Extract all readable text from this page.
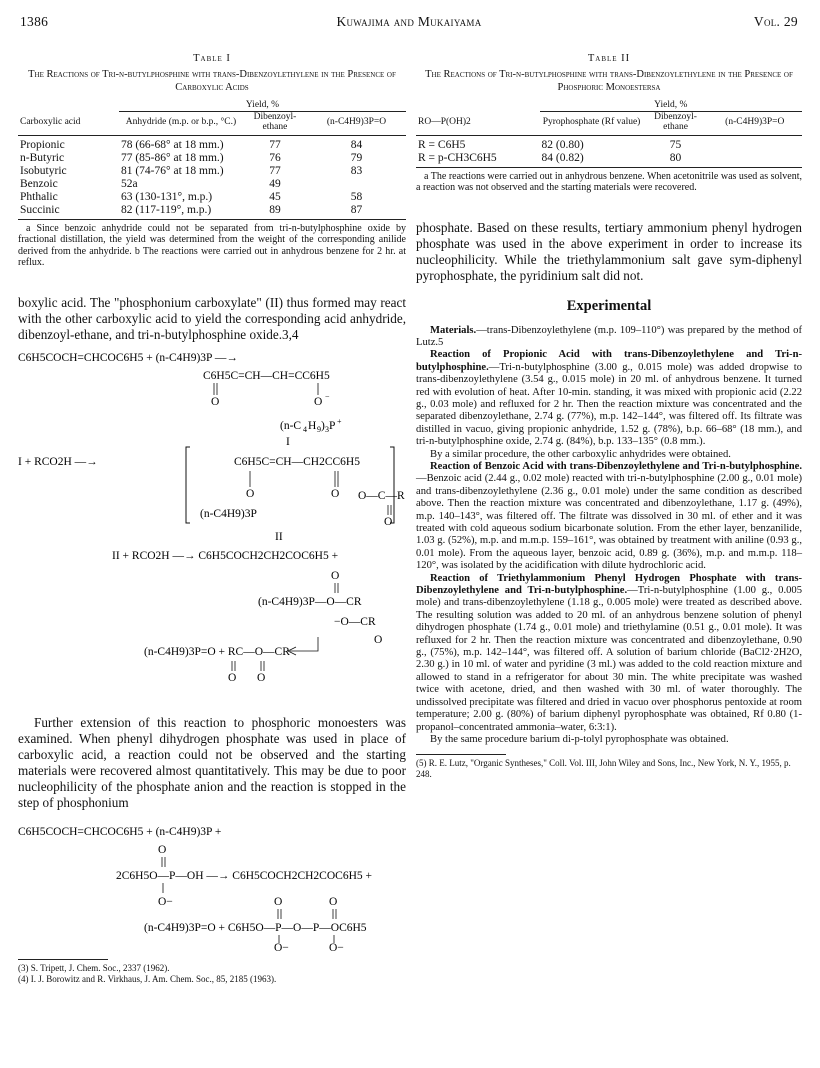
1386	Kuwajima and Mukaiyama	Vol. 29
Table I
The Reactions of Tri-n-butylphosphine with trans-Dibenzoylethylene in the Presence of Carboxylic Acids
	Yield, %		
Carboxylic acid	Anhydride (m.p. or b.p., °C.)	Dibenzoyl-ethane	(n-C4H9)3P=O
Propionic	78 (66-68° at 18 mm.)	77	84
n-Butyric	77 (85-86° at 18 mm.)	76	79
Isobutyric	81 (74-76° at 18 mm.)	77	83
Benzoic	52a	49	
Phthalic	63 (130-131°, m.p.)	45	58
Succinic	82 (117-119°, m.p.)	89	87
a Since benzoic anhydride could not be separated from tri-n-butylphosphine oxide by fractional distillation, the yield was determined from the weight of the corresponding anilide derived from the anhydride. b The reactions were carried out in anhydrous benzene for 2 hr. at reflux.

boxylic acid. The "phosphonium carboxylate" (II) thus formed may react with the other carboxylic acid to yield the corresponding acid anhydride, dibenzoyl-ethane, and tri-n-butylphosphine oxide.3,4

C6H5COCH=CHCOC6H5 + (n-C4H9)3P —→
C6H5C=CH—CH=CC6H5
O	O −
(n-C 4 H 9 ) 3 P +
I
I + RCO2H —→	C6H5C=CH—CH2CC6H5
O	O O—C—R
O
(n-C4H9)3P
II
II + RCO2H —→ C6H5COCH2CH2COC6H5 +
O
(n-C4H9)3P—O—CR
−O—CR
O
(n-C4H9)3P=O + RC—O—CR
O O

Further extension of this reaction to phosphoric monoesters was examined. When phenyl dihydrogen phosphate was used in place of carboxylic acid, a reaction could not be observed and the starting materials were recovered almost quantitatively. This may be due to poor nucleophilicity of the phosphate anion and the reaction is stopped in the step of phosphonium

C6H5COCH=CHCOC6H5 + (n-C4H9)3P +
O
2C6H5O—P—OH —→ C6H5COCH2CH2COC6H5 +
O−	O	O
(n-C4H9)3P=O + C6H5O—P—O—P—OC6H5
O−	O−
(3) S. Tripett, J. Chem. Soc., 2337 (1962).
(4) I. J. Borowitz and R. Virkhaus, J. Am. Chem. Soc., 85, 2185 (1963).
Table II
The Reactions of Tri-n-butylphosphine with trans-Dibenzoylethylene in the Presence of Phosphoric Monoestersa
	Yield, %		
RO—P(OH)2	Pyrophosphate (Rf value)	Dibenzoyl-ethane	(n-C4H9)3P=O
R = C6H5	82 (0.80)	75	
R = p-CH3C6H5	84 (0.82)	80	
a The reactions were carried out in anhydrous benzene. When acetonitrile was used as solvent, a reaction was not observed and the starting materials were recovered.

phosphate. Based on these results, tertiary ammonium phenyl hydrogen phosphate was used in the above experiment in order to increase its nucleophilicity. While the triethylammonium salt gave sym-diphenyl pyrophosphate, the pyridinium salt did not.

Experimental

Materials.—trans-Dibenzoylethylene (m.p. 109–110°) was prepared by the method of Lutz.5

Reaction of Propionic Acid with trans-Dibenzoylethylene and Tri-n-butylphosphine.—Tri-n-butylphosphine (3.00 g., 0.015 mole) was added dropwise to trans-dibenzoylethylene (3.54 g., 0.015 mole) in 20 ml. of anhydrous benzene. It turned red with evolution of heat. After 10-min. standing, it was mixed with propionic acid (2.22 g., 0.03 mole) and refluxed for 2 hr. Then the reaction mixture was concentrated and the separated dibenzoylethane, 2.74 g. (77%), m.p. 142–144°, was filtered off. Its filtrate was distilled in vacuo, giving propionic anhydride, 1.52 g. (78%), b.p. 66–68° (18 mm.), and tri-n-butylphosphine oxide, 2.74 g. (84%), b.p. 133–135° (0.8 mm.).

By a similar procedure, the other carboxylic anhydrides were obtained.

Reaction of Benzoic Acid with trans-Dibenzoylethylene and Tri-n-butylphosphine.—Benzoic acid (2.44 g., 0.02 mole) reacted with tri-n-butylphosphine (2.00 g., 0.01 mole) and trans-dibenzoylethylene (2.36 g., 0.01 mole) under the same condition as described above. Then the reaction mixture was concentrated and dibenzoylethane, 1.17 g. (49%), m.p. 140–143°, was filtered off. The filtrate was dissolved in 30 ml. of ether and it was treated with cold aqueous sodium bicarbonate solution. From the ether layer, benzanilide, 1.03 g. (52%), m.p. and m.m.p. 159–161°, was obtained by treatment with aniline (0.93 g., 0.01 mole). From the aqueous layer, benzoic acid, 0.89 g. (36%), m.p. and m.m.p. 118–120°, was isolated by the acidification with dilute hydrochloric acid.

Reaction of Triethylammonium Phenyl Hydrogen Phosphate with trans-Dibenzoylethylene and Tri-n-butylphosphine.—Tri-n-butylphosphine (1.00 g., 0.005 mole) and trans-dibenzoylethylene (1.18 g., 0.005 mole) were treated as described above. The resulting solution was added to 20 ml. of an anhydrous benzene solution of phenyl dihydrogen phosphate (1.74 g., 0.01 mole) and triethylamine (0.51 g., 0.01 mole). It was refluxed for 2 hr. Then the reaction mixture was concentrated and dibenzoylethane, 0.90 g., (75%), m.p. 142–144°, was filtered off. A solution of barium chloride (BaCl2·2H2O, 2.30 g.) in 10 ml. of water and pyridine (3 ml.) was added to the cold reaction mixture and allowed to stand in a refrigerator for about 30 min. The white precipitate was washed twice with acetone, dried, and then washed with 30 ml. of water thoroughly. The undissolved precipitate was filtered and dried in vacuo over phosphorus pentoxide at room temperature; 2.00 g. (80%) of barium diphenyl pyrophosphate was obtained, Rf 0.80 (1-propanol–concentrated ammonia–water, 6:3:1).

By the same procedure barium di-p-tolyl pyrophosphate was obtained.

(5) R. E. Lutz, "Organic Syntheses," Coll. Vol. III, John Wiley and Sons, Inc., New York, N. Y., 1955, p. 248.
